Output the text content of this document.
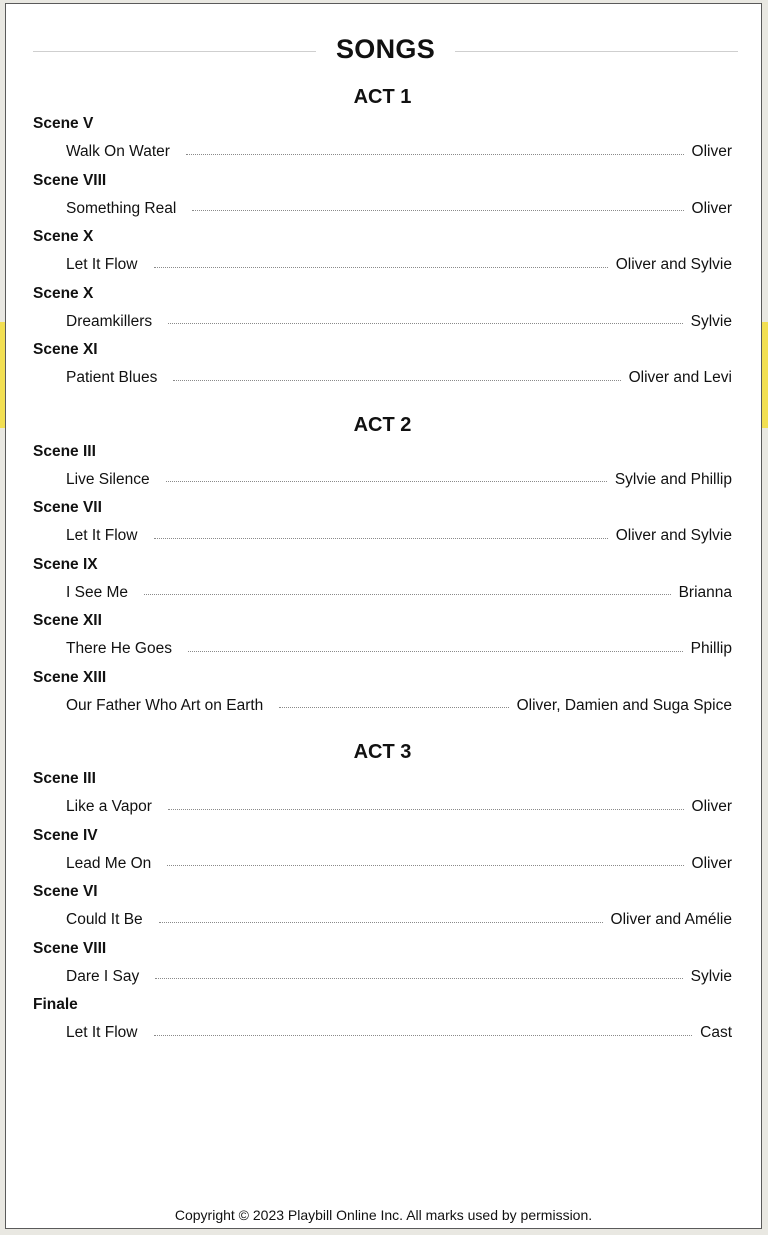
SONGS
ACT 1
Scene V
Walk On Water	Oliver
Scene VIII
Something Real	Oliver
Scene X
Let It Flow	Oliver and Sylvie
Scene X
Dreamkillers	Sylvie
Scene XI
Patient Blues	Oliver and Levi
ACT 2
Scene III
Live Silence	Sylvie and Phillip
Scene VII
Let It Flow	Oliver and Sylvie
Scene IX
I See Me	Brianna
Scene XII
There He Goes	Phillip
Scene XIII
Our Father Who Art on Earth	Oliver, Damien and Suga Spice
ACT 3
Scene III
Like a Vapor	Oliver
Scene IV
Lead Me On	Oliver
Scene VI
Could It Be	Oliver and Amélie
Scene VIII
Dare I Say	Sylvie
Finale
Let It Flow	Cast
Copyright © 2023 Playbill Online Inc. All marks used by permission.
